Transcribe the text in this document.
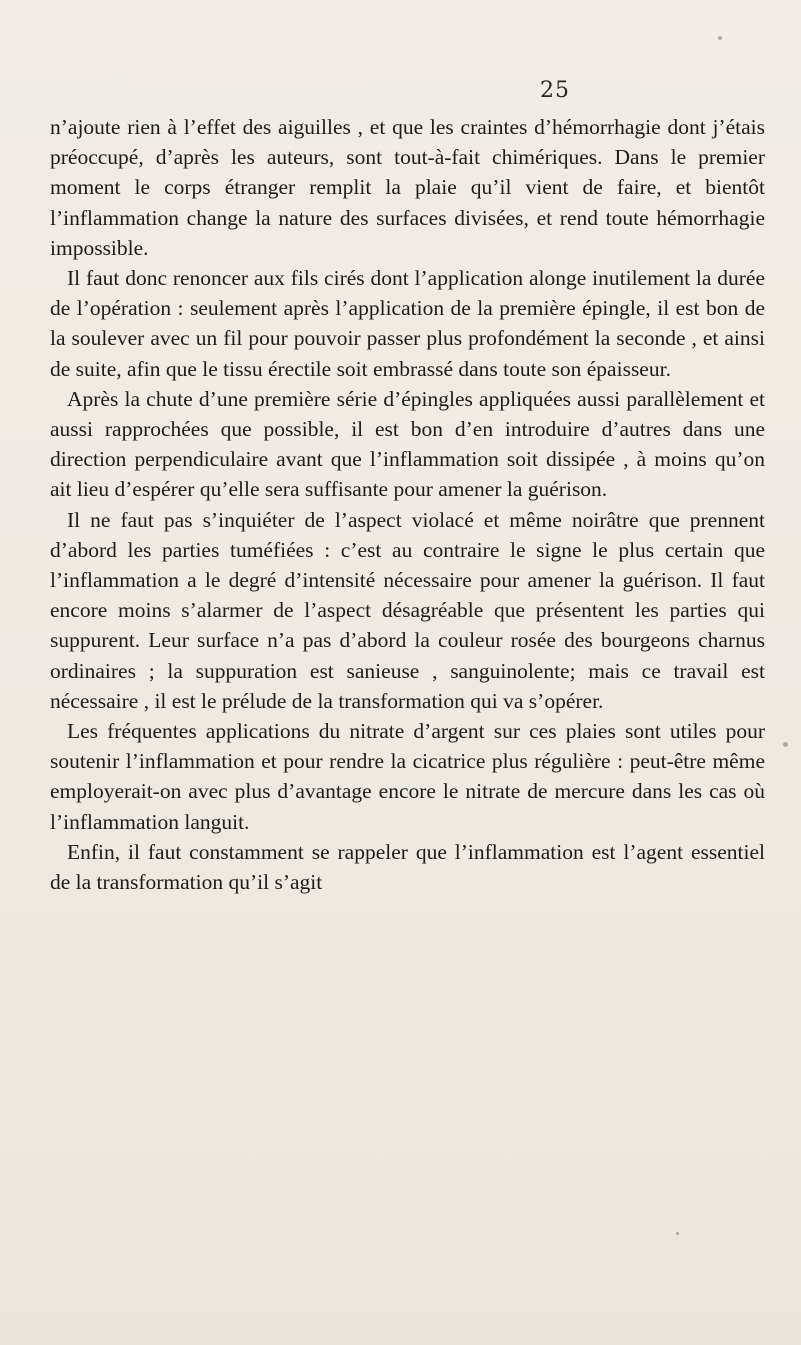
25

n’ajoute rien à l’effet des aiguilles , et que les craintes d’hémorrhagie dont j’étais préoccupé, d’après les auteurs, sont tout-à-fait chimériques. Dans le premier moment le corps étranger remplit la plaie qu’il vient de faire, et bientôt l’inflammation change la nature des surfaces divisées, et rend toute hémorrhagie impossible.

Il faut donc renoncer aux fils cirés dont l’application alonge inutilement la durée de l’opération : seulement après l’application de la première épingle, il est bon de la soulever avec un fil pour pouvoir passer plus profondément la seconde , et ainsi de suite, afin que le tissu érectile soit embrassé dans toute son épaisseur.

Après la chute d’une première série d’épingles appliquées aussi parallèlement et aussi rapprochées que possible, il est bon d’en introduire d’autres dans une direction perpendiculaire avant que l’inflammation soit dissipée , à moins qu’on ait lieu d’espérer qu’elle sera suffisante pour amener la guérison.

Il ne faut pas s’inquiéter de l’aspect violacé et même noirâtre que prennent d’abord les parties tuméfiées : c’est au contraire le signe le plus certain que l’inflammation a le degré d’intensité nécessaire pour amener la guérison. Il faut encore moins s’alarmer de l’aspect désagréable que présentent les parties qui suppurent. Leur surface n’a pas d’abord la couleur rosée des bourgeons charnus ordinaires ; la suppuration est sanieuse , sanguinolente; mais ce travail est nécessaire , il est le prélude de la transformation qui va s’opérer.

Les fréquentes applications du nitrate d’argent sur ces plaies sont utiles pour soutenir l’inflammation et pour rendre la cicatrice plus régulière : peut-être même employerait-on avec plus d’avantage encore le nitrate de mercure dans les cas où l’inflammation languit.

Enfin, il faut constamment se rappeler que l’inflammation est l’agent essentiel de la transformation qu’il s’agit
